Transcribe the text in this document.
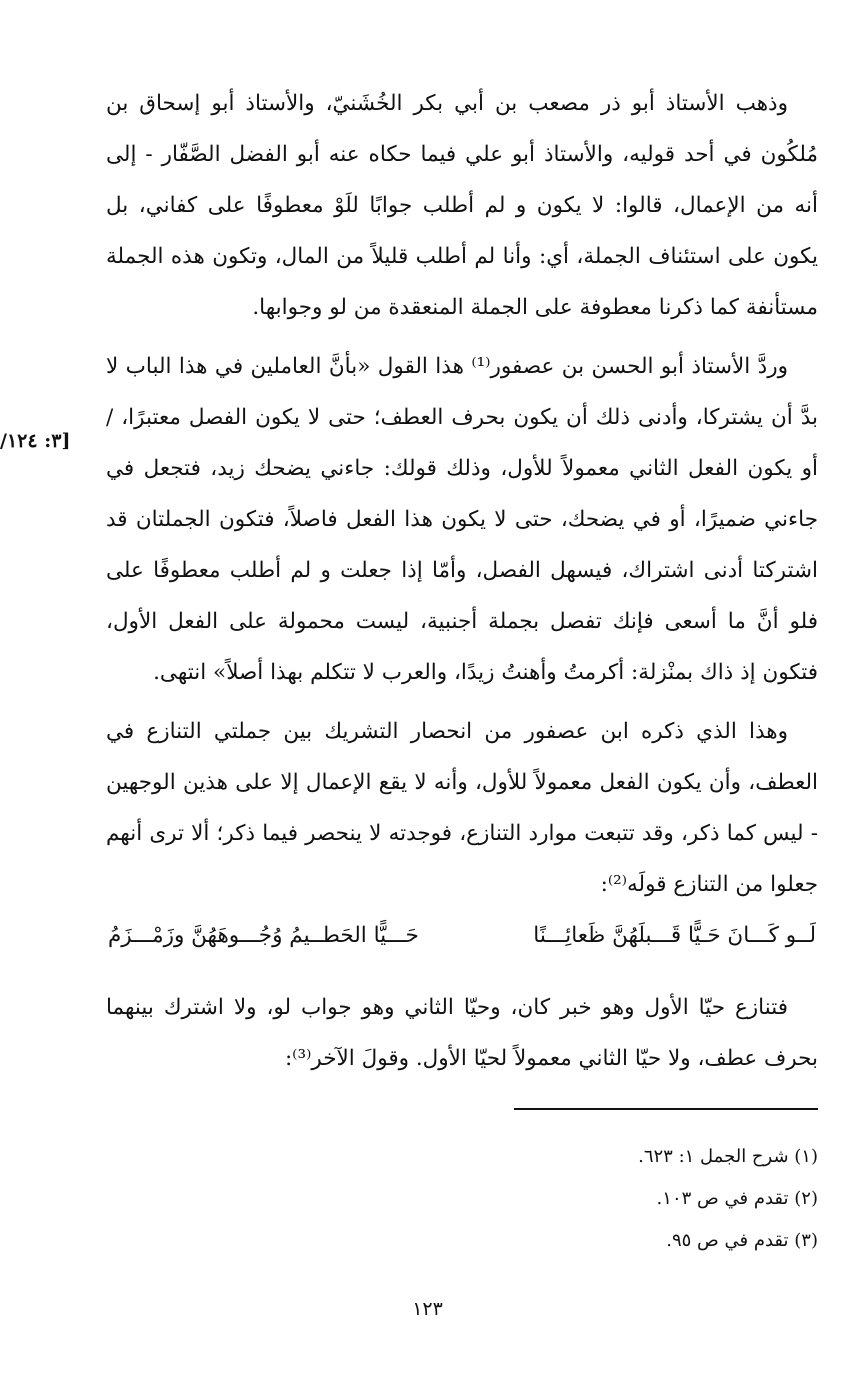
[٣: ١٢٤/

وذهب الأستاذ أبو ذر مصعب بن أبي بكر الخُشَنيّ، والأستاذ أبو إسحاق بن مُلكُون في أحد قوليه، والأستاذ أبو علي فيما حكاه عنه أبو الفضل الصَّفّار - إلى أنه من الإعمال، قالوا: لا يكون و لم أطلب جوابًا للَوْ معطوفًا على كفاني، بل يكون على استئناف الجملة، أي: وأنا لم أطلب قليلاً من المال، وتكون هذه الجملة مستأنفة كما ذكرنا معطوفة على الجملة المنعقدة من لو وجوابها.

وردَّ الأستاذ أبو الحسن بن عصفور⁽¹⁾ هذا القول «بأنَّ العاملين في هذا الباب لا بدَّ أن يشتركا، وأدنى ذلك أن يكون بحرف العطف؛ حتى لا يكون الفصل معتبرًا، /أو يكون الفعل الثاني معمولاً للأول، وذلك قولك: جاءني يضحك زيد، فتجعل في جاءني ضميرًا، أو في يضحك، حتى لا يكون هذا الفعل فاصلاً، فتكون الجملتان قد اشتركتا أدنى اشتراك، فيسهل الفصل، وأمّا إذا جعلت و لم أطلب معطوفًا على فلو أنَّ ما أسعى فإنك تفصل بجملة أجنبية، ليست محمولة على الفعل الأول، فتكون إذ ذاك بمنْزلة: أكرمتُ وأهنتُ زيدًا، والعرب لا تتكلم بهذا أصلاً» انتهى.

وهذا الذي ذكره ابن عصفور من انحصار التشريك بين جملتي التنازع في العطف، وأن يكون الفعل معمولاً للأول، وأنه لا يقع الإعمال إلا على هذين الوجهين - ليس كما ذكر، وقد تتبعت موارد التنازع، فوجدته لا ينحصر فيما ذكر؛ ألا ترى أنهم جعلوا من التنازع قولَه⁽²⁾:

لَــو كَـــانَ حَـيًّا قَـــبلَهُنَّ ظَعائِـــنًا
حَـــيًّا الحَطــيمُ وُجُـــوهَهُنَّ وزَمْـــزَمُ

فتنازع حيّا الأول وهو خبر كان، وحيّا الثاني وهو جواب لو، ولا اشترك بينهما بحرف عطف، ولا حيّا الثاني معمولاً لحيّا الأول. وقولَ الآخر⁽³⁾:

(١) شرح الجمل ١: ٦٢٣.
(٢) تقدم في ص ١٠٣.
(٣) تقدم في ص ٩٥.
١٢٣
